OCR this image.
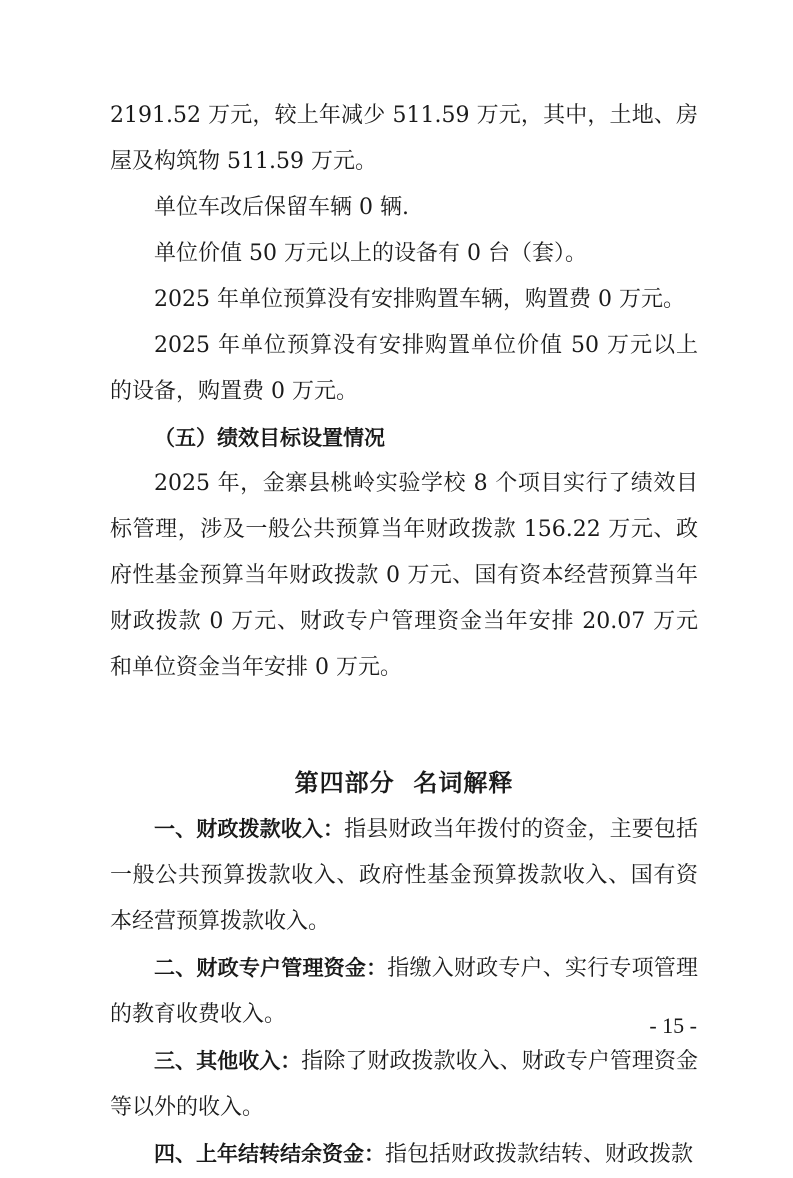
2191.52 万元，较上年减少 511.59 万元，其中，土地、房屋及构筑物 511.59 万元。

单位车改后保留车辆 0 辆.

单位价值 50 万元以上的设备有 0 台（套）。

2025 年单位预算没有安排购置车辆，购置费 0 万元。

2025 年单位预算没有安排购置单位价值 50 万元以上的设备，购置费 0 万元。

（五）绩效目标设置情况

2025 年，金寨县桃岭实验学校 8 个项目实行了绩效目标管理，涉及一般公共预算当年财政拨款 156.22 万元、政府性基金预算当年财政拨款 0 万元、国有资本经营预算当年财政拨款 0 万元、财政专户管理资金当年安排 20.07 万元和单位资金当年安排 0 万元。

第四部分  名词解释

一、财政拨款收入：指县财政当年拨付的资金，主要包括一般公共预算拨款收入、政府性基金预算拨款收入、国有资本经营预算拨款收入。

二、财政专户管理资金：指缴入财政专户、实行专项管理的教育收费收入。

三、其他收入：指除了财政拨款收入、财政专户管理资金等以外的收入。

四、上年结转结余资金：指包括财政拨款结转、财政拨款

- 15 -
